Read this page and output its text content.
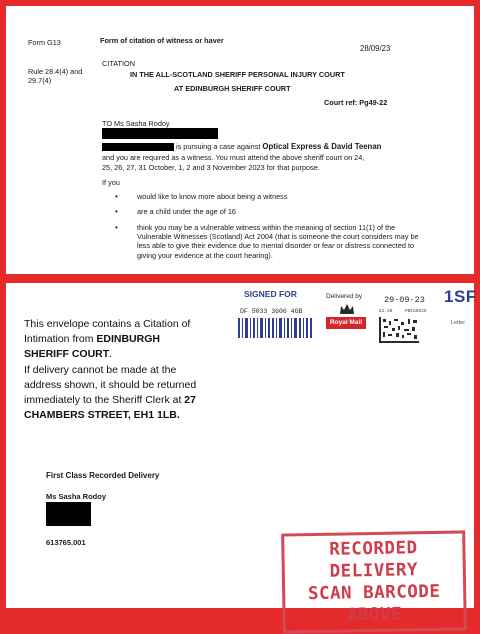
Form G13	Form of citation of witness or haver
28/09/23
Rule 28.4(4) and 29.7(4)
CITATION
IN THE ALL-SCOTLAND SHERIFF PERSONAL INJURY COURT
AT EDINBURGH SHERIFF COURT
Court ref: Pg49-22
TO Ms Sasha Rodoy
is pursuing a case against Optical Express & David Teenan
and you are required as a witness. You must attend the above sheriff court on 24,
25, 26, 27, 31 October, 1, 2 and 3 November 2023 for that purpose.
If you
•	would like to know more about being a witness
•	are a child under the age of 16
•	think you may be a vulnerable witness within the meaning of section 11(1) of the Vulnerable Witnesses (Scotland) Act 2004 (that is someone the court considers may be less able to give their evidence due to mental disorder or fear or distress connected to giving your evidence at the court hearing).
This envelope contains a Citation of
Intimation from EDINBURGH
SHERIFF COURT.
If delivery cannot be made at the
address shown, it should be returned
immediately to the Sheriff Clerk at 27
CHAMBERS STREET, EH1 1LB.
SIGNED FOR
DF 5033 3606 4GB
Delivered by
Royal Mail
29-09-23
£2.40	PB156626
1SF
Letter
First Class Recorded Delivery
Ms Sasha Rodoy
613765.001	RECORDED DELIVERY
SCAN BARCODE ABOVE
